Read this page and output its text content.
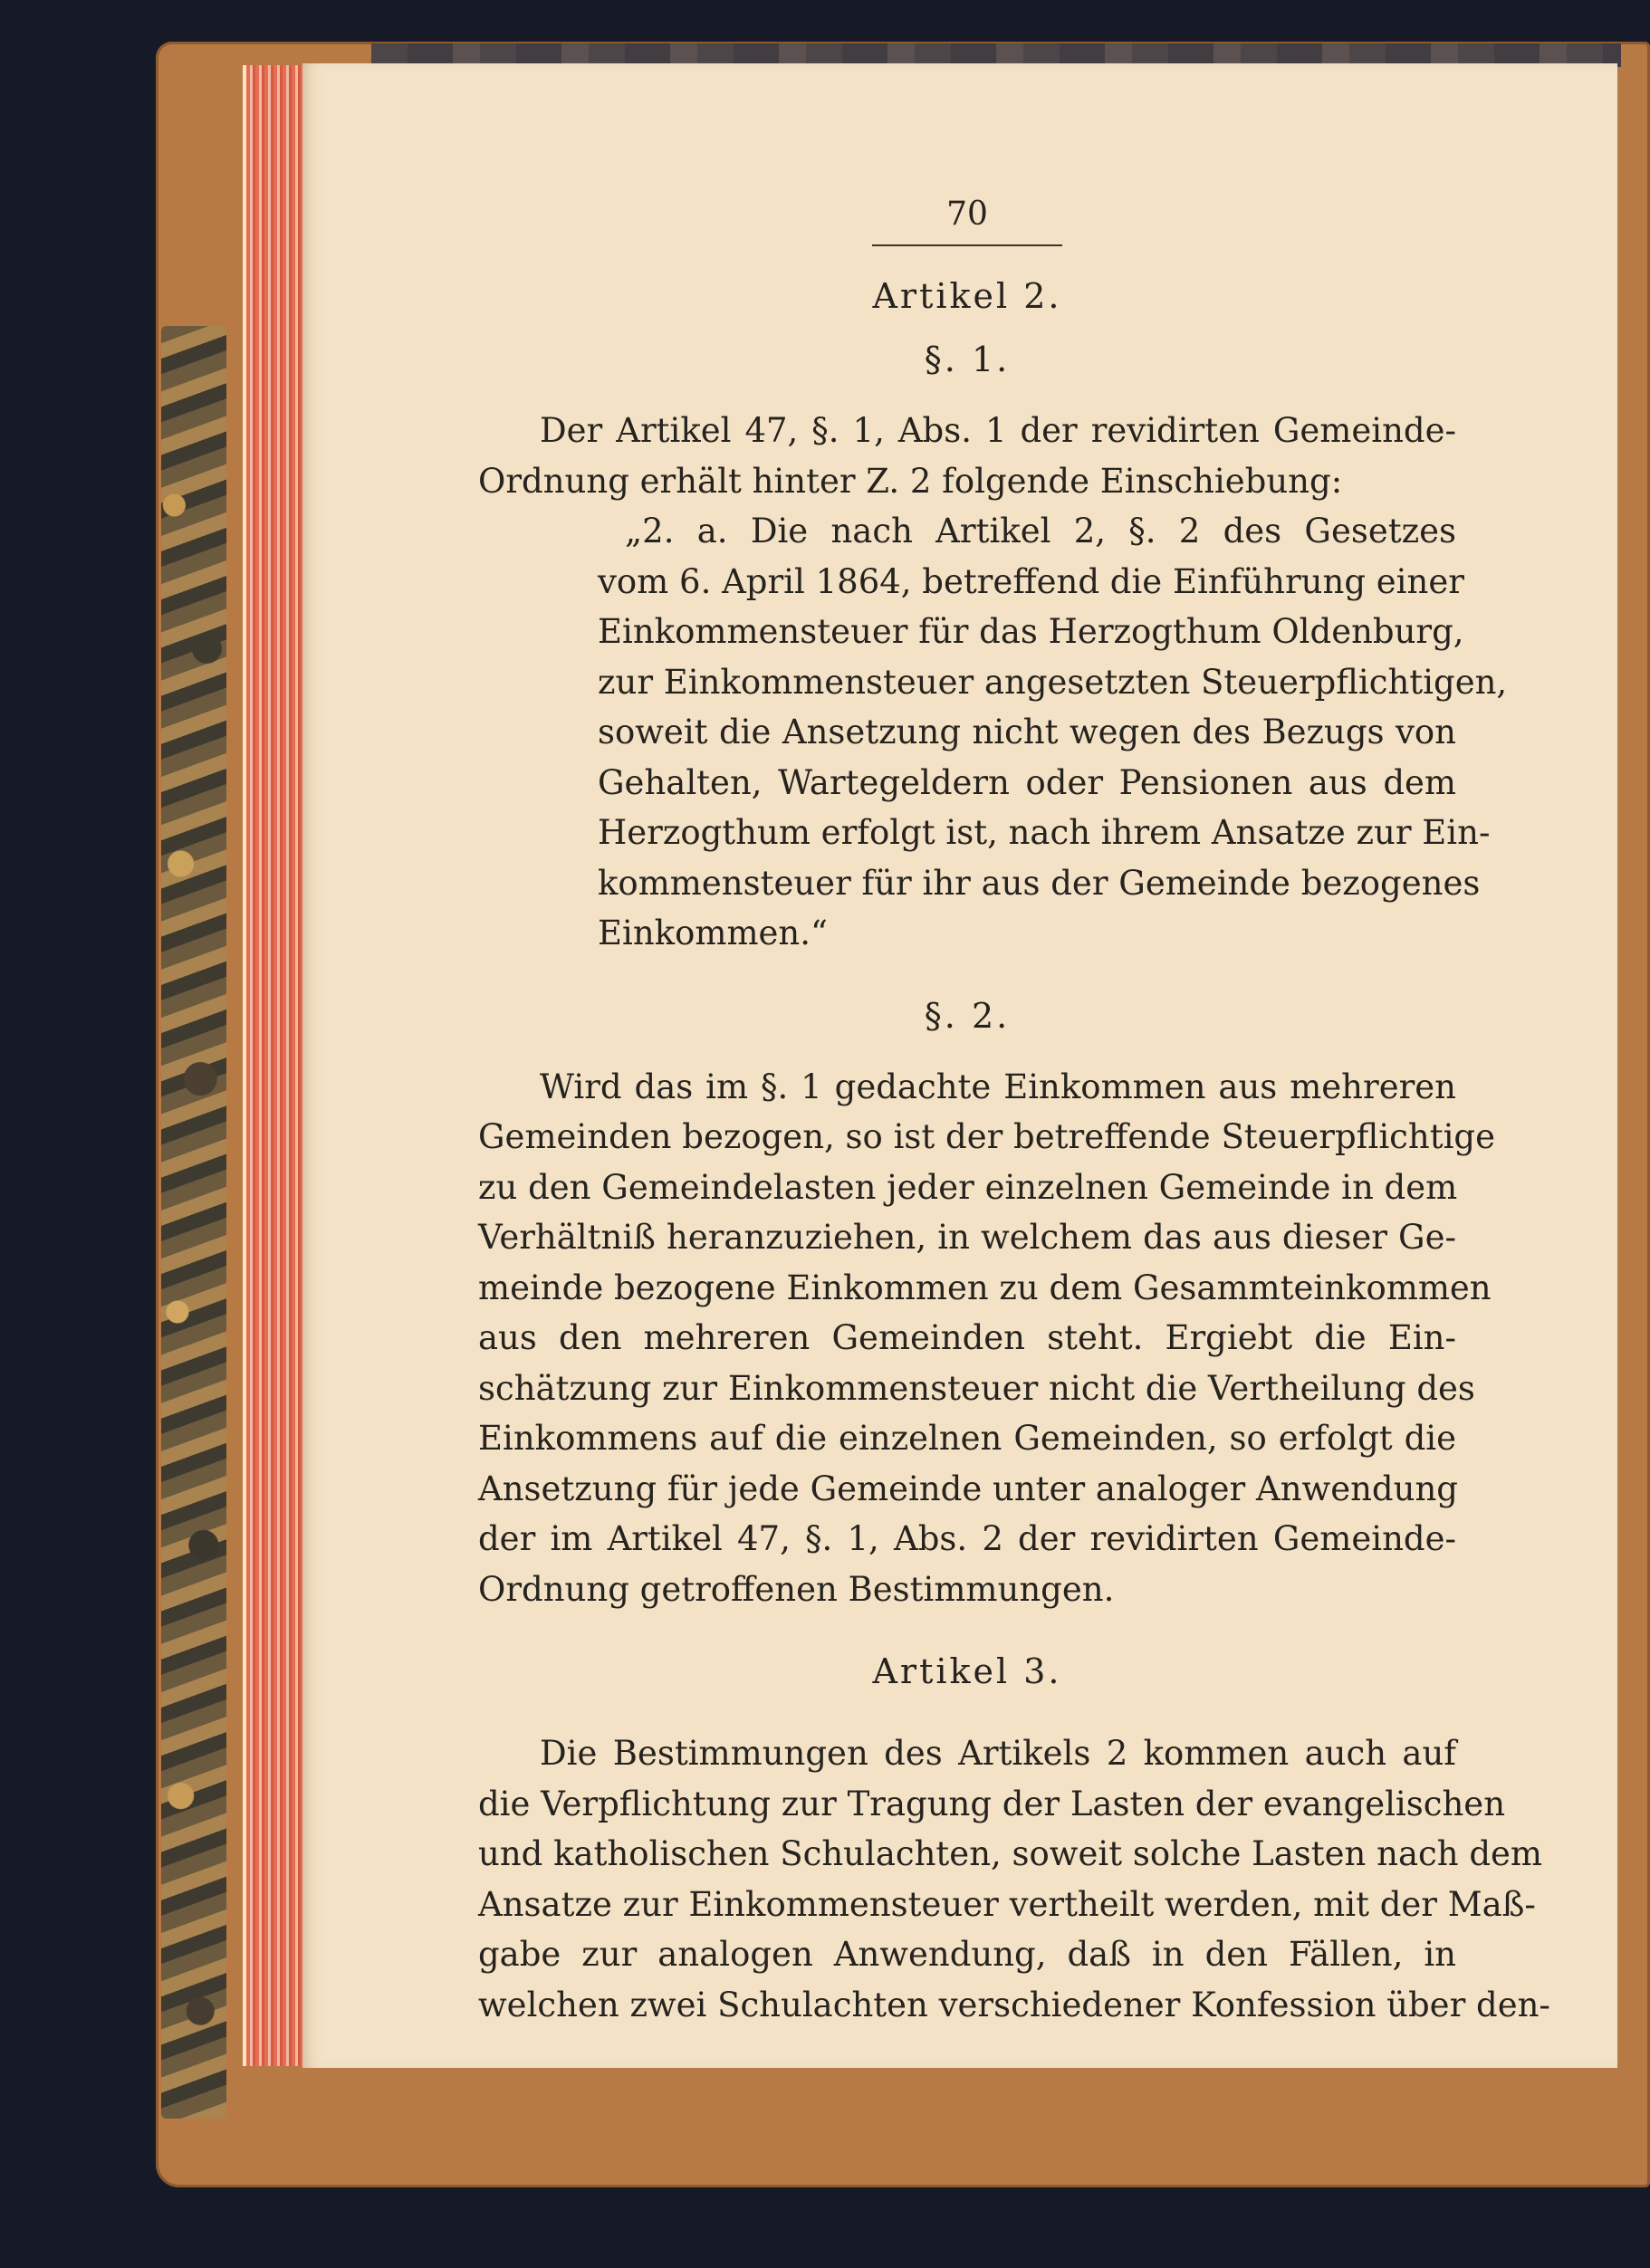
70
Artikel 2.
§. 1.
Der Artikel 47, §. 1, Abs. 1 der revidirten Gemeinde-
Ordnung erhält hinter Z. 2 folgende Einschiebung:
„2. a. Die nach Artikel 2, §. 2 des Gesetzes
vom 6. April 1864, betreffend die Einführung einer
Einkommensteuer für das Herzogthum Oldenburg,
zur Einkommensteuer angesetzten Steuerpflichtigen,
soweit die Ansetzung nicht wegen des Bezugs von
Gehalten, Wartegeldern oder Pensionen aus dem
Herzogthum erfolgt ist, nach ihrem Ansatze zur Ein-
kommensteuer für ihr aus der Gemeinde bezogenes
Einkommen.“
§. 2.
Wird das im §. 1 gedachte Einkommen aus mehreren
Gemeinden bezogen, so ist der betreffende Steuerpflichtige
zu den Gemeindelasten jeder einzelnen Gemeinde in dem
Verhältniß heranzuziehen, in welchem das aus dieser Ge-
meinde bezogene Einkommen zu dem Gesammteinkommen
aus den mehreren Gemeinden steht. Ergiebt die Ein-
schätzung zur Einkommensteuer nicht die Vertheilung des
Einkommens auf die einzelnen Gemeinden, so erfolgt die
Ansetzung für jede Gemeinde unter analoger Anwendung
der im Artikel 47, §. 1, Abs. 2 der revidirten Gemeinde-
Ordnung getroffenen Bestimmungen.
Artikel 3.
Die Bestimmungen des Artikels 2 kommen auch auf
die Verpflichtung zur Tragung der Lasten der evangelischen
und katholischen Schulachten, soweit solche Lasten nach dem
Ansatze zur Einkommensteuer vertheilt werden, mit der Maß-
gabe zur analogen Anwendung, daß in den Fällen, in
welchen zwei Schulachten verschiedener Konfession über den-
